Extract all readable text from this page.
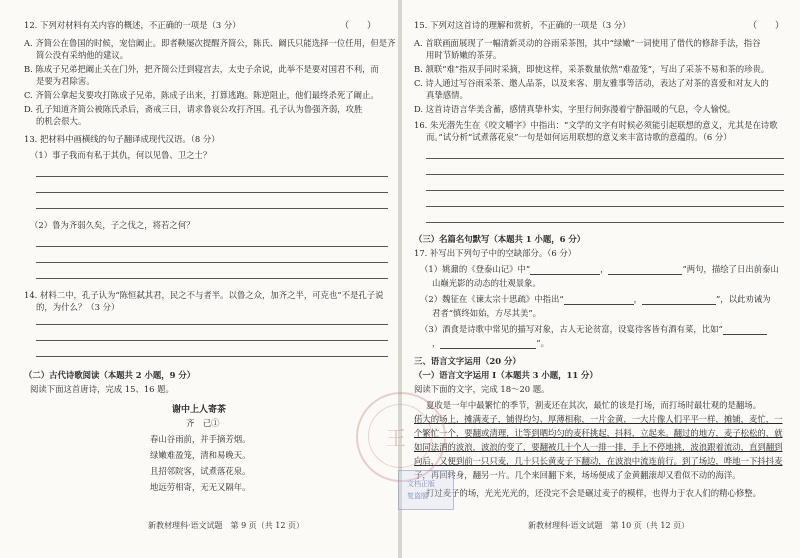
12. 下列对材料有关内容的概述，不正确的一项是（3 分）	（　　）
A. 齐简公在鲁国的时候，宠信阚止。即者鞅屡次提醒齐简公，陈氏、阚氏只能选择一位任用，但是齐
简公没有采纳他的建议。
B. 陈成子兄弟把阚止关在门外，把齐简公迁到寝宫去，太史子余说，此举不是要对国君不利，而
是要为君除害。
C. 齐简公拿起戈要攻打陈成子兄弟，陈成子出来，打算逃跑。陈逆阻止，他们最终杀死了阚止。
D. 孔子知道齐简公被陈氏杀后，斋戒三日，请求鲁哀公攻打齐国。孔子认为鲁强齐弱，攻胜
的机会很大。
13. 把材料中画横线的句子翻译成现代汉语。（8 分）
（1）事子我而有私于其仇，何以见鲁、卫之士？
（2）鲁为齐弱久矣，子之伐之，将若之何？
14. 材料二中，孔子认为“陈恒弑其君，民之不与者半。以鲁之众，加齐之半，可克也”不是孔子说
的，为什么？（3 分）
（二）古代诗歌阅读（本题共 2 小题，9 分）
阅读下面这首唐诗，完成 15、16 题。
谢中上人寄茶
齐　己①
春山谷雨前，并手摘芳烟。
绿嫩难盈笼，清和易晚天。
且招邻院客，试煮落花泉。
地远劳相寄，无无又隔年。
新教材理科·语文试题　第 9 页（共 12 页）
15. 下列对这首诗的理解和赏析，不正确的一项是（3 分）	（　　）
A. 首联画面展现了一幅清新灵动的谷雨采茶图，其中“绿嫩”一词使用了借代的修辞手法，指谷
用时节娇嫩的茶芽。
B. 颔联“难”指双手同时采摘，即使这样，采茶数量依然“难盈笼”，写出了采茶不易和茶的珍贵。
C. 诗人通过写谷雨采茶、邀人品茶，以及来客、朋友雅事等活动，表达了对茶的喜爱和对友人的
真挚感情。
D. 这首诗语言华美含蓄，感情真挚朴实，字里行间弥漫着宁静温暖的气息，令人愉悦。
16. 朱光潜先生在《咬文嚼字》中指出：“文学的文字有时候必须能引起联想的意义，尤其是在诗歌
而。”试分析“试煮落花泉”一句是如何运用联想的意义来丰富诗歌的意蕴的。（6 分）
（三）名篇名句默写（本题共 1 小题，6 分）
17. 补写出下列句子中的空缺部分。（6 分）
（1）姚鼐的《登泰山记》中“	，	”两句，描绘了日出前泰山
山巅光影的动态的壮观景象。
（2）魏征在《谏太宗十思疏》中指出“	，	”，以此劝诫为
君者“慎终如始，方尽其美”。
（3）酒食是诗歌中常见的描写对象，古人无论贫富，设宴待客皆有酒有菜，比如“
，	”。
三、语言文字运用（20 分）
（一）语言文字运用 Ⅰ（本题共 3 小题，11 分）
阅读下面的文字，完成 18～20 题。
夏收是一年中最繁忙的季节，割麦还在其次，最忙的该是打场，而打场时最壮观的是翻场。
偌大的场上，摊满麦子，铺得均匀、厚薄相称，一片金黄，一大片像人们平平一样，摊铺，麦忙，一
个繁忙一个，要翻或清理，让等到晒均匀的麦秆挑起，抖料，立起来。翻过的地方，麦子松松的，就
如同法洒的波浪，波浪的变了，要翻被几十个人一排一排，手上不停地挑，波浪跟着流动，直到翻到
向后，又便到前一只只麦，几十只长黄麦子下翻动，在波浪中流连前行。到了场边，哗地一下抖抖麦
子，再回转身，翻另一片。几个来回翻下来，场场便成了金黄翻滚却又看似不动的海洋。
打过麦子的场，光光光光的，还没完不会是碾过麦子的模样，也得力于农人们的精心修整。
新教材理科·语文试题　第 10 页（共 12 页）
王
文档正版
复盗版
